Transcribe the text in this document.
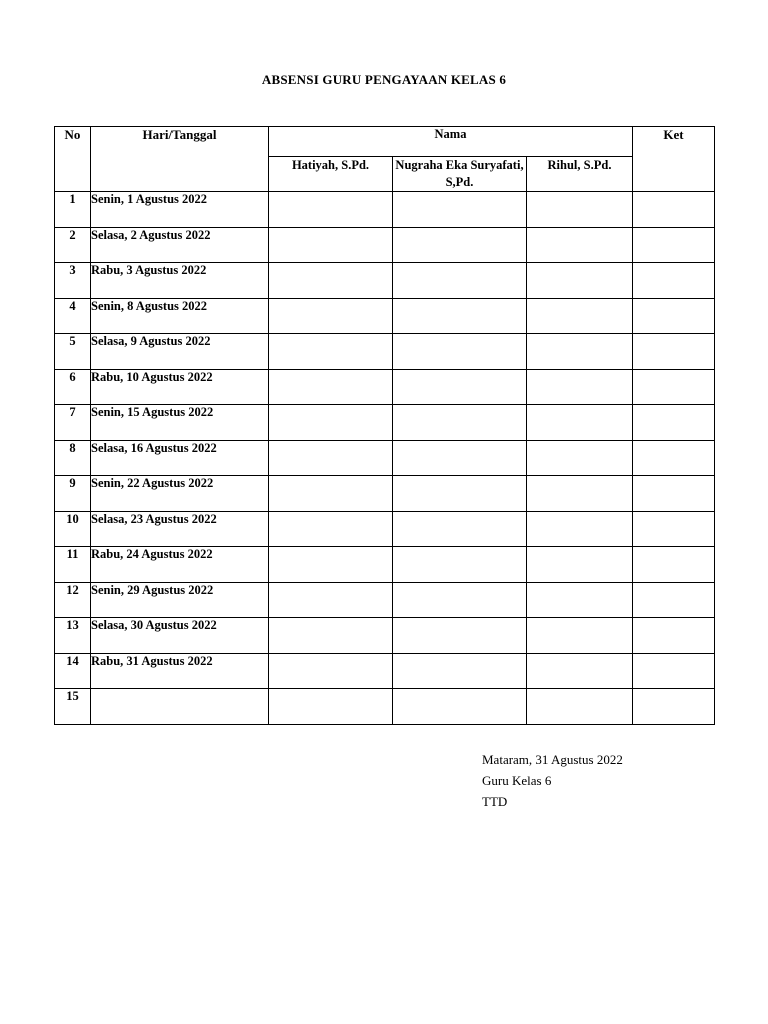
ABSENSI GURU PENGAYAAN KELAS 6
No	Hari/Tanggal	Nama			Ket
		Hatiyah, S.Pd.	Nugraha Eka Suryafati, S,Pd.	Rihul, S.Pd.	
1	Senin, 1 Agustus 2022				
2	Selasa, 2 Agustus 2022				
3	Rabu, 3 Agustus 2022				
4	Senin, 8 Agustus 2022				
5	Selasa, 9 Agustus 2022				
6	Rabu, 10 Agustus 2022				
7	Senin, 15 Agustus 2022				
8	Selasa, 16 Agustus 2022				
9	Senin, 22 Agustus 2022				
10	Selasa, 23 Agustus 2022				
11	Rabu, 24 Agustus 2022				
12	Senin, 29 Agustus 2022				
13	Selasa, 30 Agustus 2022				
14	Rabu, 31 Agustus 2022				
15					
Mataram, 31 Agustus 2022
Guru Kelas 6
TTD
